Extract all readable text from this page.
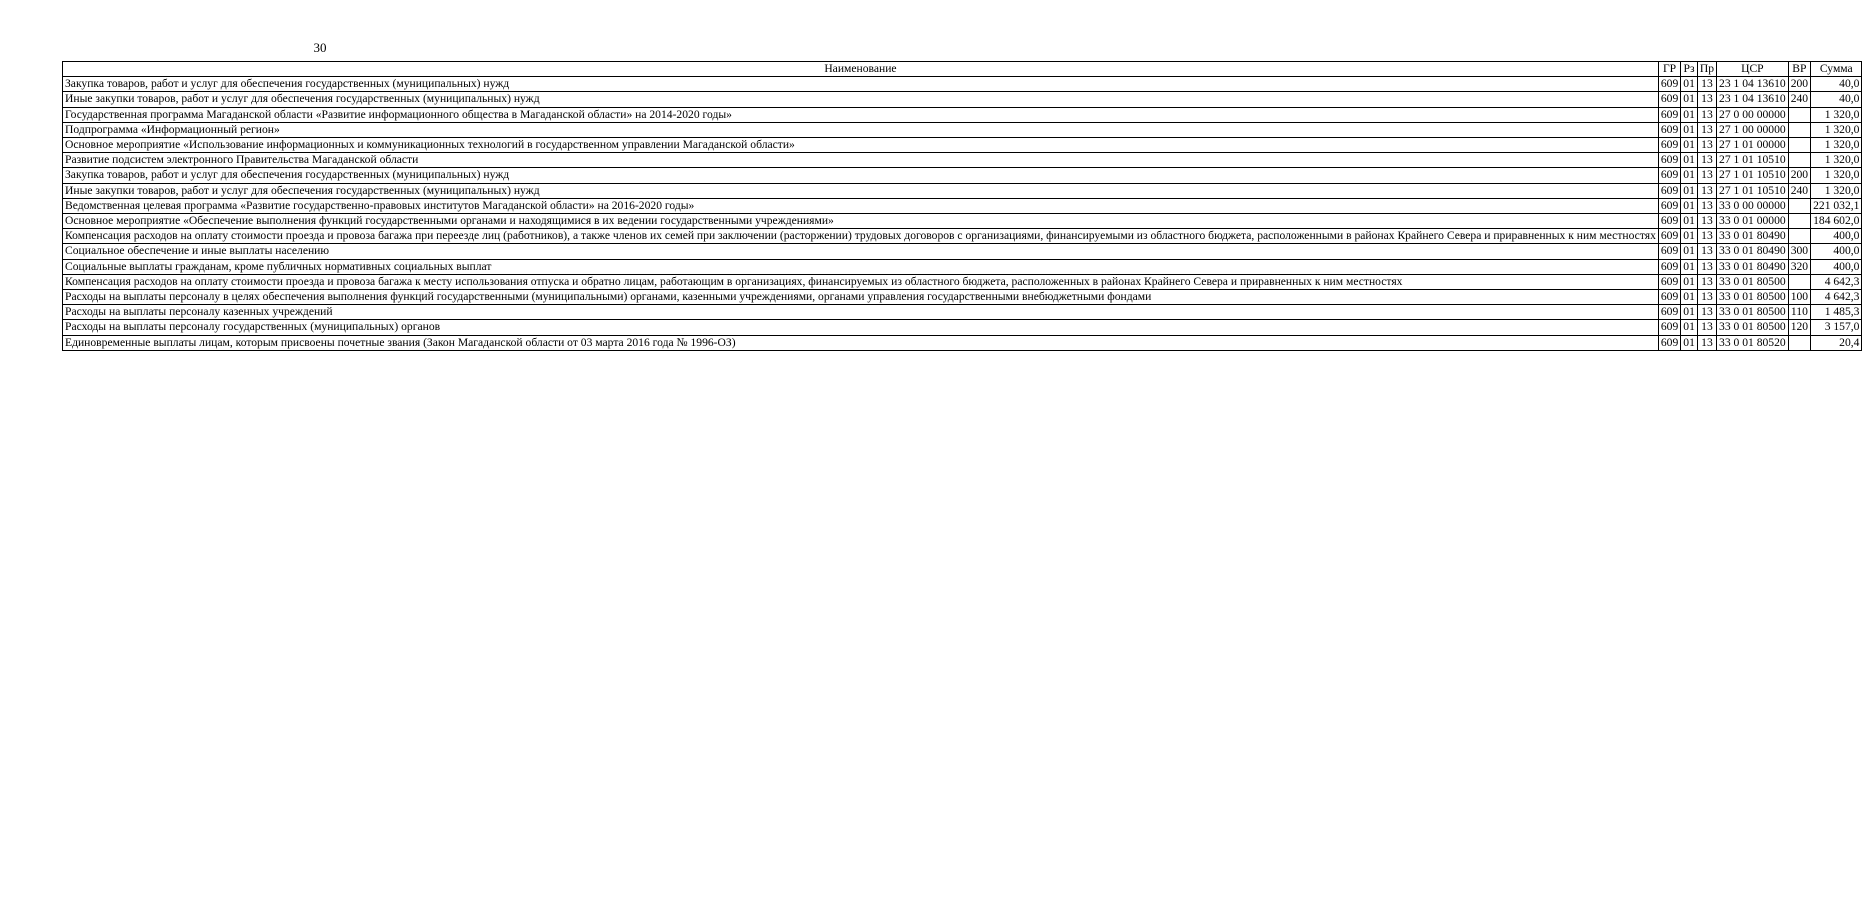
30
Наименование	ГР	Рз	Пр	ЦСР	ВР	Сумма
Закупка товаров, работ и услуг для обеспечения государственных (муниципальных) нужд	609	01	13	23 1 04 13610	200	40,0
Иные закупки товаров, работ и услуг для обеспечения государственных (муниципальных) нужд	609	01	13	23 1 04 13610	240	40,0
Государственная программа Магаданской области «Развитие информационного общества в Магаданской области» на 2014-2020 годы»	609	01	13	27 0 00 00000		1 320,0
Подпрограмма «Информационный регион»	609	01	13	27 1 00 00000		1 320,0
Основное мероприятие «Использование информационных и коммуникационных технологий в государственном управлении Магаданской области»	609	01	13	27 1 01 00000		1 320,0
Развитие подсистем электронного Правительства Магаданской области	609	01	13	27 1 01 10510		1 320,0
Закупка товаров, работ и услуг для обеспечения государственных (муниципальных) нужд	609	01	13	27 1 01 10510	200	1 320,0
Иные закупки товаров, работ и услуг для обеспечения государственных (муниципальных) нужд	609	01	13	27 1 01 10510	240	1 320,0
Ведомственная целевая программа «Развитие государственно-правовых институтов Магаданской области» на 2016-2020 годы»	609	01	13	33 0 00 00000		221 032,1
Основное мероприятие «Обеспечение выполнения функций государственными органами и находящимися в их ведении государственными учреждениями»	609	01	13	33 0 01 00000		184 602,0
Компенсация расходов на оплату стоимости проезда и провоза багажа при переезде лиц (работников), а также членов их семей при заключении (расторжении) трудовых договоров с организациями, финансируемыми из областного бюджета, расположенными в районах Крайнего Севера и приравненных к ним местностях	609	01	13	33 0 01 80490		400,0
Социальное обеспечение и иные выплаты населению	609	01	13	33 0 01 80490	300	400,0
Социальные выплаты гражданам, кроме публичных нормативных социальных выплат	609	01	13	33 0 01 80490	320	400,0
Компенсация расходов на оплату стоимости проезда и провоза багажа к месту использования отпуска и обратно лицам, работающим в организациях, финансируемых из областного бюджета, расположенных в районах Крайнего Севера и приравненных к ним местностях	609	01	13	33 0 01 80500		4 642,3
Расходы на выплаты персоналу в целях обеспечения выполнения функций государственными (муниципальными) органами, казенными учреждениями, органами управления государственными внебюджетными фондами	609	01	13	33 0 01 80500	100	4 642,3
Расходы на выплаты персоналу казенных учреждений	609	01	13	33 0 01 80500	110	1 485,3
Расходы на выплаты персоналу государственных (муниципальных) органов	609	01	13	33 0 01 80500	120	3 157,0
Единовременные выплаты лицам, которым присвоены почетные звания (Закон Магаданской области от 03 марта 2016 года № 1996-ОЗ)	609	01	13	33 0 01 80520		20,4
